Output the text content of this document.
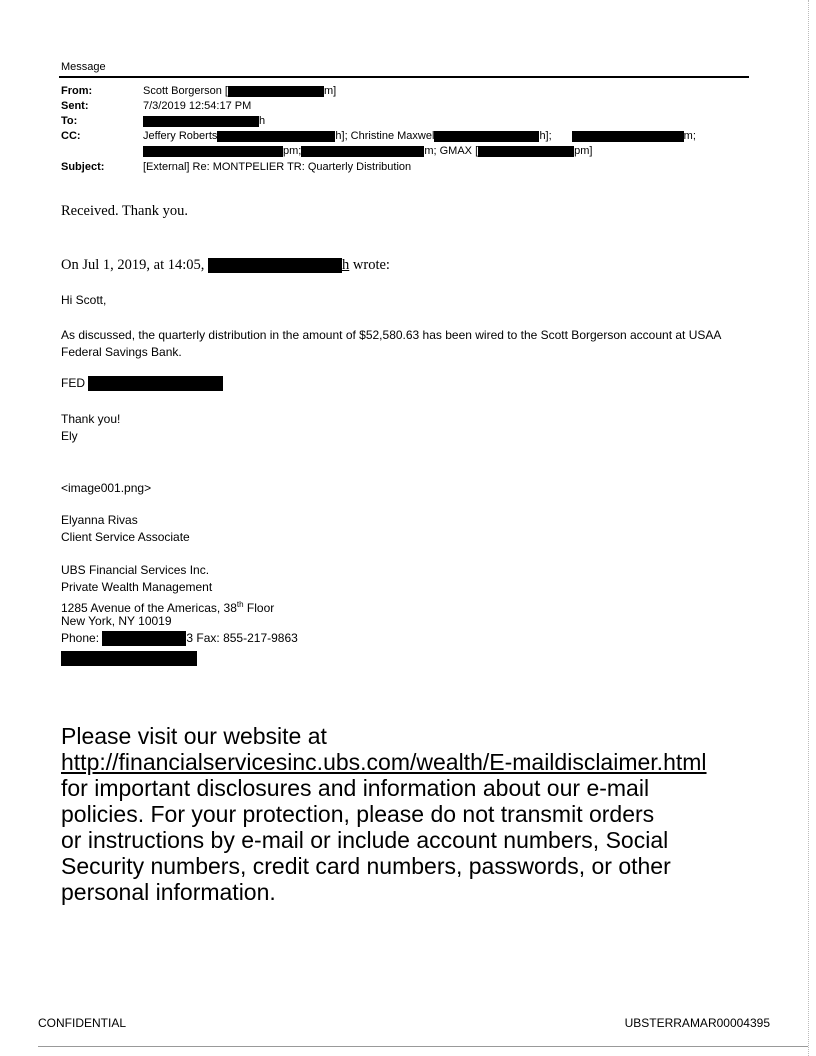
Message
From:	Scott Borgerson [	m]
Sent:	7/3/2019 12:54:17 PM
To:	h
CC:	Jeffery Roberts	h]; Christine Maxwel	h];	m;
pm;	m; GMAX [	pm]
Subject:	[External] Re: MONTPELIER TR: Quarterly Distribution
Received. Thank you.
On Jul 1, 2019, at 14:05,	h wrote:
Hi Scott,
As discussed, the quarterly distribution in the amount of $52,580.63 has been wired to the Scott Borgerson account at USAA Federal Savings Bank.
FED
Thank you!
Ely
<image001.png>
Elyanna Rivas
Client Service Associate
UBS Financial Services Inc.
Private Wealth Management
1285 Avenue of the Americas, 38th Floor
New York, NY 10019
Phone:	3 Fax: 855-217-9863
Please visit our website at
http://financialservicesinc.ubs.com/wealth/E-maildisclaimer.html
for important disclosures and information about our e-mail policies. For your protection, please do not transmit orders or instructions by e-mail or include account numbers, Social Security numbers, credit card numbers, passwords, or other personal information.
CONFIDENTIAL	UBSTERRAMAR00004395
